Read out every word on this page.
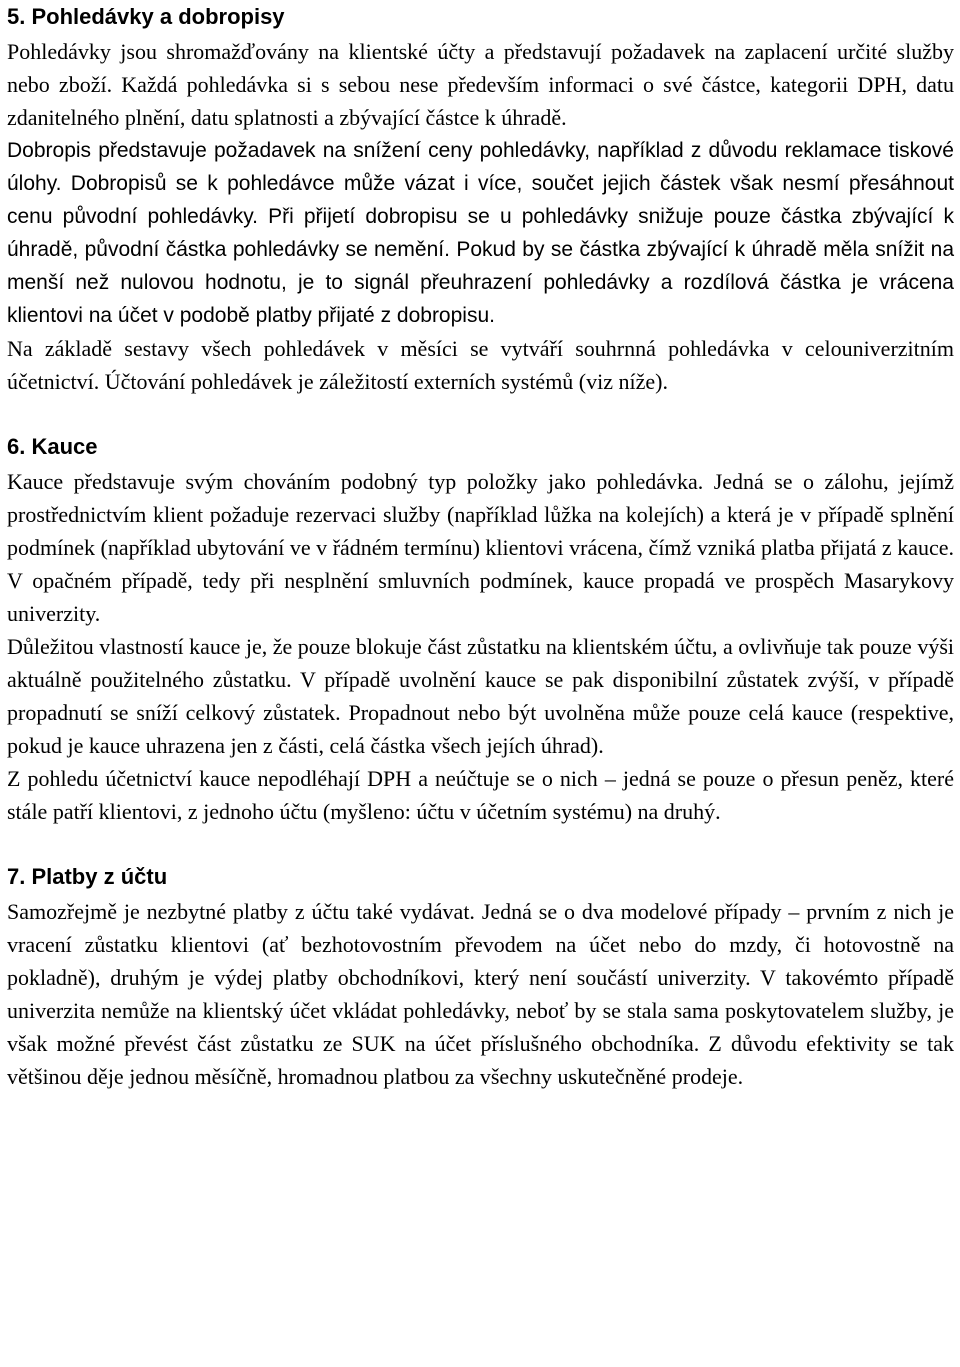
5. Pohledávky a dobropisy

Pohledávky jsou shromažďovány na klientské účty a představují požadavek na zaplacení určité služby nebo zboží. Každá pohledávka si s sebou nese především informaci o své částce, kategorii DPH, datu zdanitelného plnění, datu splatnosti a zbývající částce k úhradě.

Dobropis představuje požadavek na snížení ceny pohledávky, například z důvodu reklamace tiskové úlohy. Dobropisů se k pohledávce může vázat i více, součet jejich částek však nesmí přesáhnout cenu původní pohledávky. Při přijetí dobropisu se u pohledávky snižuje pouze částka zbývající k úhradě, původní částka pohledávky se nemění. Pokud by se částka zbývající k úhradě měla snížit na menší než nulovou hodnotu, je to signál přeuhrazení pohledávky a rozdílová částka je vrácena klientovi na účet v podobě platby přijaté z dobropisu.

Na základě sestavy všech pohledávek v měsíci se vytváří souhrnná pohledávka v celouniverzitním účetnictví. Účtování pohledávek je záležitostí externích systémů (viz níže).

6. Kauce

Kauce představuje svým chováním podobný typ položky jako pohledávka. Jedná se o zálohu, jejímž prostřednictvím klient požaduje rezervaci služby (například lůžka na kolejích) a která je v případě splnění podmínek (například ubytování ve v řádném termínu) klientovi vrácena, čímž vzniká platba přijatá z kauce. V opačném případě, tedy při nesplnění smluvních podmínek, kauce propadá ve prospěch Masarykovy univerzity.

Důležitou vlastností kauce je, že pouze blokuje část zůstatku na klientském účtu, a ovlivňuje tak pouze výši aktuálně použitelného zůstatku. V případě uvolnění kauce se pak disponibilní zůstatek zvýší, v případě propadnutí se sníží celkový zůstatek. Propadnout nebo být uvolněna může pouze celá kauce (respektive, pokud je kauce uhrazena jen z části, celá částka všech jejích úhrad).

Z pohledu účetnictví kauce nepodléhají DPH a neúčtuje se o nich – jedná se pouze o přesun peněz, které stále patří klientovi, z jednoho účtu (myšleno: účtu v účetním systému) na druhý.

7. Platby z účtu

Samozřejmě je nezbytné platby z účtu také vydávat. Jedná se o dva modelové případy – prvním z nich je vracení zůstatku klientovi (ať bezhotovostním převodem na účet nebo do mzdy, či hotovostně na pokladně), druhým je výdej platby obchodníkovi, který není součástí univerzity. V takovémto případě univerzita nemůže na klientský účet vkládat pohledávky, neboť by se stala sama poskytovatelem služby, je však možné převést část zůstatku ze SUK na účet příslušného obchodníka. Z důvodu efektivity se tak většinou děje jednou měsíčně, hromadnou platbou za všechny uskutečněné prodeje.
